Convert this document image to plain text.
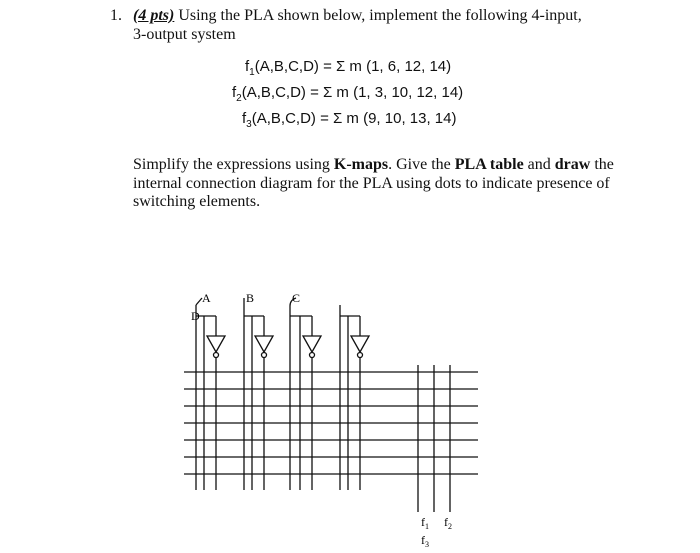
1. (4 pts) Using the PLA shown below, implement the following 4-input,
3-output system
$f_1(A,B,C,D) = \Sigma$ m (1, 6, 12, 14)
$f_2(A,B,C,D) = \Sigma$ m (1, 3, 10, 12, 14)
$f_3(A,B,C,D) = \Sigma$ m (9, 10, 13, 14)
Simplify the expressions using K-maps. Give the PLA table and draw the
internal connection diagram for the PLA using dots to indicate presence of
switching elements.
A
D
B	C
$f_1$ $f_2$
$f_3$
